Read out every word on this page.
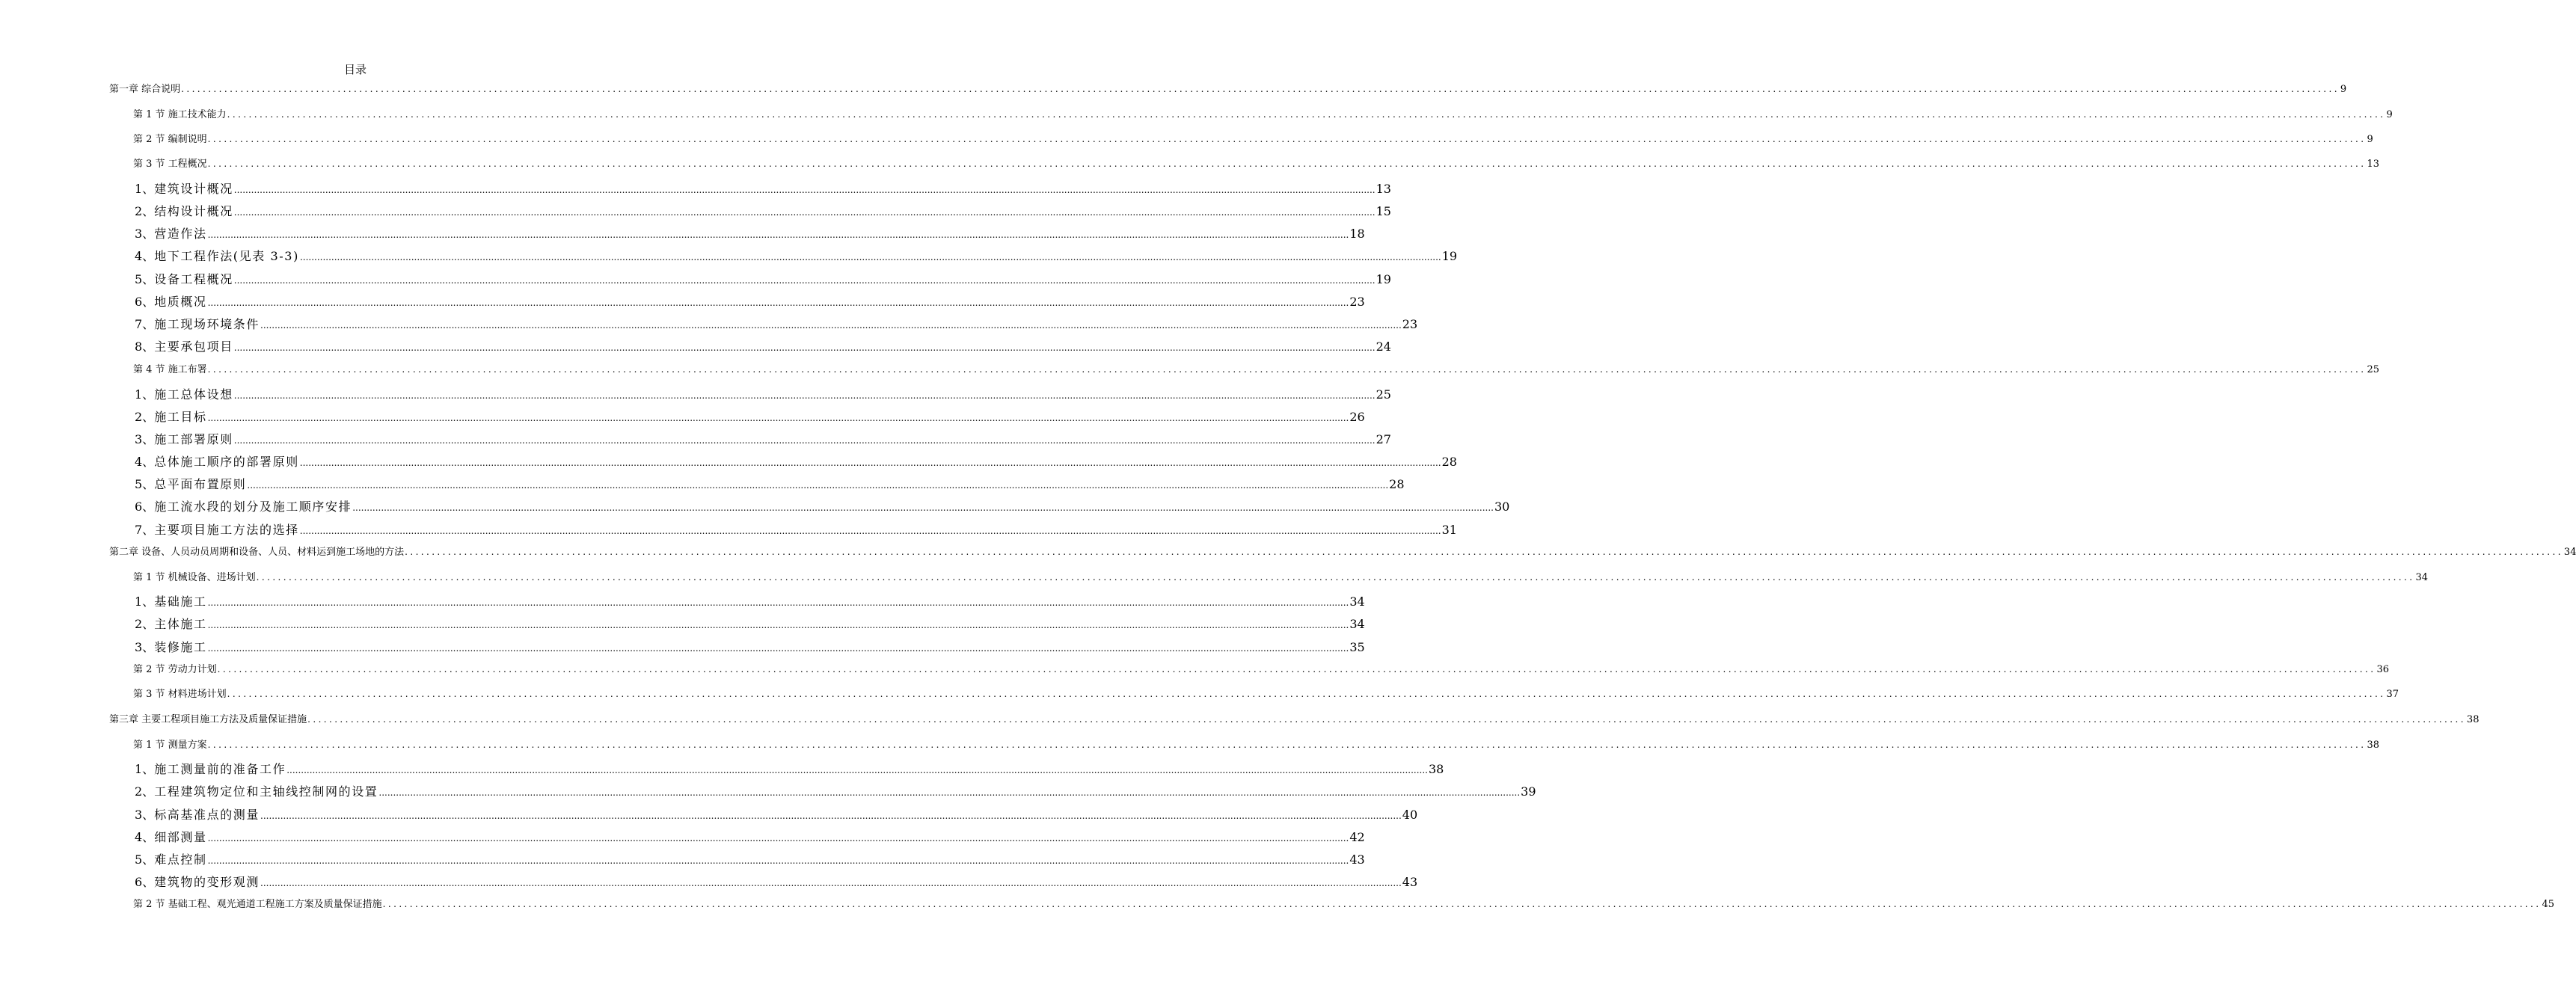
目录
第一章 综合说明 ................................................................................................................................................................................................................................................................................................................................................................................................................ 9
第 1 节 施工技术能力 ................................................................................................................................................................................................................................................................................................................................................................................................................ 9
第 2 节 编制说明 ................................................................................................................................................................................................................................................................................................................................................................................................................ 9
第 3 节 工程概况 ................................................................................................................................................................................................................................................................................................................................................................................................................ 13
1、 建筑设计概况 ................................................................................................................................................................................................................................................................................................................................................................................................................ 13
2、 结构设计概况 ................................................................................................................................................................................................................................................................................................................................................................................................................ 15
3、 营造作法 ................................................................................................................................................................................................................................................................................................................................................................................................................ 18
4、 地下工程作法(见表 3-3) ................................................................................................................................................................................................................................................................................................................................................................................................................ 19
5、 设备工程概况 ................................................................................................................................................................................................................................................................................................................................................................................................................ 19
6、 地质概况 ................................................................................................................................................................................................................................................................................................................................................................................................................ 23
7、 施工现场环境条件 ................................................................................................................................................................................................................................................................................................................................................................................................................ 23
8、 主要承包项目 ................................................................................................................................................................................................................................................................................................................................................................................................................ 24
第 4 节 施工布署 ................................................................................................................................................................................................................................................................................................................................................................................................................ 25
1、 施工总体设想 ................................................................................................................................................................................................................................................................................................................................................................................................................ 25
2、 施工目标 ................................................................................................................................................................................................................................................................................................................................................................................................................ 26
3、 施工部署原则 ................................................................................................................................................................................................................................................................................................................................................................................................................ 27
4、 总体施工顺序的部署原则 ................................................................................................................................................................................................................................................................................................................................................................................................................ 28
5、 总平面布置原则 ................................................................................................................................................................................................................................................................................................................................................................................................................ 28
6、 施工流水段的划分及施工顺序安排 ................................................................................................................................................................................................................................................................................................................................................................................................................ 30
7、 主要项目施工方法的选择 ................................................................................................................................................................................................................................................................................................................................................................................................................ 31
第二章 设备、人员动员周期和设备、人员、材料运到施工场地的方法 ................................................................................................................................................................................................................................................................................................................................................................................................................ 34
第 1 节 机械设备、进场计划 ................................................................................................................................................................................................................................................................................................................................................................................................................ 34
1、 基础施工 ................................................................................................................................................................................................................................................................................................................................................................................................................ 34
2、 主体施工 ................................................................................................................................................................................................................................................................................................................................................................................................................ 34
3、 装修施工 ................................................................................................................................................................................................................................................................................................................................................................................................................ 35
第 2 节 劳动力计划 ................................................................................................................................................................................................................................................................................................................................................................................................................ 36
第 3 节 材料进场计划 ................................................................................................................................................................................................................................................................................................................................................................................................................ 37
第三章 主要工程项目施工方法及质量保证措施 ................................................................................................................................................................................................................................................................................................................................................................................................................ 38
第 1 节 测量方案 ................................................................................................................................................................................................................................................................................................................................................................................................................ 38
1、 施工测量前的准备工作 ................................................................................................................................................................................................................................................................................................................................................................................................................ 38
2、 工程建筑物定位和主轴线控制网的设置 ................................................................................................................................................................................................................................................................................................................................................................................................................ 39
3、 标高基准点的测量 ................................................................................................................................................................................................................................................................................................................................................................................................................ 40
4、 细部测量 ................................................................................................................................................................................................................................................................................................................................................................................................................ 42
5、 难点控制 ................................................................................................................................................................................................................................................................................................................................................................................................................ 43
6、 建筑物的变形观测 ................................................................................................................................................................................................................................................................................................................................................................................................................ 43
第 2 节 基础工程、观光通道工程施工方案及质量保证措施 ................................................................................................................................................................................................................................................................................................................................................................................................................ 45
